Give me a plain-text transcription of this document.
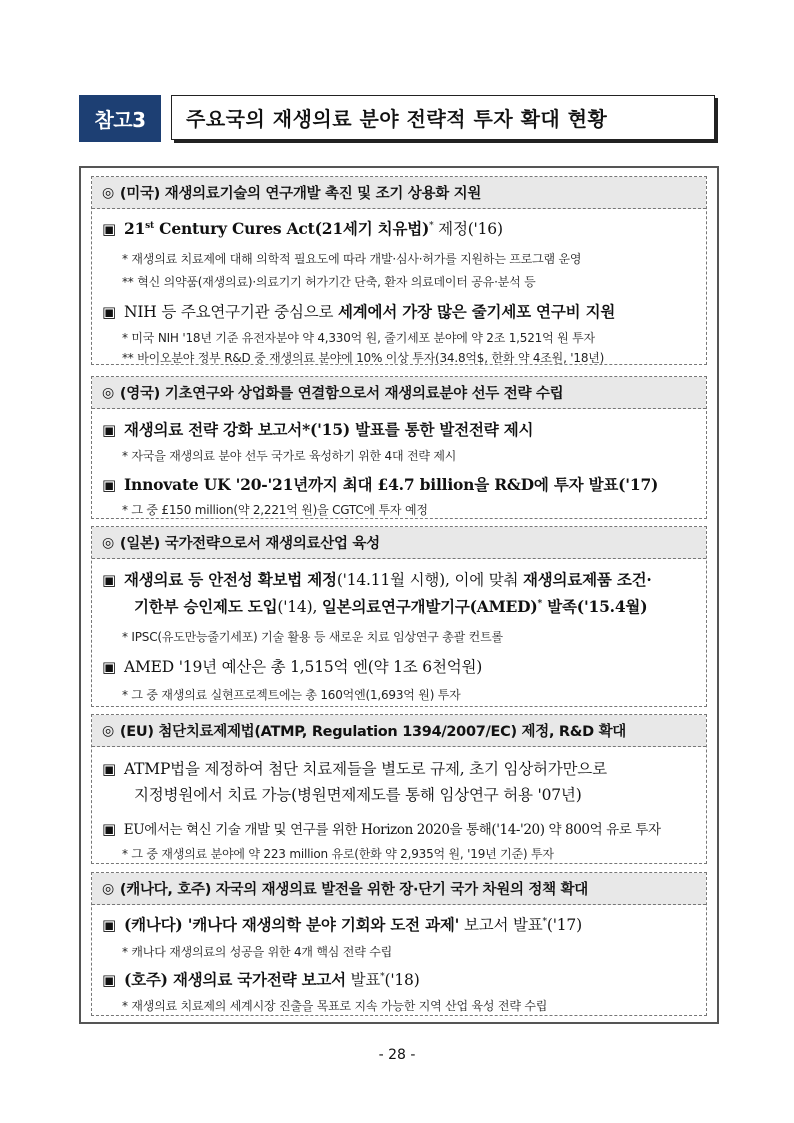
참고3	주요국의 재생의료 분야 전략적 투자 확대 현황
◎ (미국) 재생의료기술의 연구개발 촉진 및 조기 상용화 지원
▣ 21st Century Cures Act(21세기 치유법)* 제정('16)
* 재생의료 치료제에 대해 의학적 필요도에 따라 개발·심사·허가를 지원하는 프로그램 운영
** 혁신 의약품(재생의료)·의료기기 허가기간 단축, 환자 의료데이터 공유·분석 등
▣ NIH 등 주요연구기관 중심으로 세계에서 가장 많은 줄기세포 연구비 지원
* 미국 NIH '18년 기준 유전자분야 약 4,330억 원, 줄기세포 분야에 약 2조 1,521억 원 투자
** 바이오분야 정부 R&D 중 재생의료 분야에 10% 이상 투자(34.8억$, 한화 약 4조원, '18년)
◎ (영국) 기초연구와 상업화를 연결함으로서 재생의료분야 선두 전략 수립
▣ 재생의료 전략 강화 보고서*('15) 발표를 통한 발전전략 제시
* 자국을 재생의료 분야 선두 국가로 육성하기 위한 4대 전략 제시
▣ Innovate UK '20-'21년까지 최대 £4.7 billion을 R&D에 투자 발표('17)
* 그 중 £150 million(약 2,221억 원)을 CGTC에 투자 예정
◎ (일본) 국가전략으로서 재생의료산업 육성
▣ 재생의료 등 안전성 확보법 제정('14.11월 시행), 이에 맞춰 재생의료제품 조건·
기한부 승인제도 도입('14), 일본의료연구개발기구(AMED)* 발족('15.4월)
* IPSC(유도만능줄기세포) 기술 활용 등 새로운 치료 임상연구 총괄 컨트롤
▣ AMED '19년 예산은 총 1,515억 엔(약 1조 6천억원)
* 그 중 재생의료 실현프로젝트에는 총 160억엔(1,693억 원) 투자
◎ (EU) 첨단치료제제법(ATMP, Regulation 1394/2007/EC) 제정, R&D 확대
▣ ATMP법을 제정하여 첨단 치료제들을 별도로 규제, 초기 임상허가만으로
지정병원에서 치료 가능(병원면제제도를 통해 임상연구 허용 '07년)
▣ EU에서는 혁신 기술 개발 및 연구를 위한 Horizon 2020을 통해('14-'20) 약 800억 유로 투자
* 그 중 재생의료 분야에 약 223 million 유로(한화 약 2,935억 원, '19년 기준) 투자
◎ (캐나다, 호주) 자국의 재생의료 발전을 위한 장·단기 국가 차원의 정책 확대
▣ (캐나다) '캐나다 재생의학 분야 기회와 도전 과제' 보고서 발표*('17)
* 캐나다 재생의료의 성공을 위한 4개 핵심 전략 수립
▣ (호주) 재생의료 국가전략 보고서 발표*('18)
* 재생의료 치료제의 세계시장 진출을 목표로 지속 가능한 지역 산업 육성 전략 수립
- 28 -
